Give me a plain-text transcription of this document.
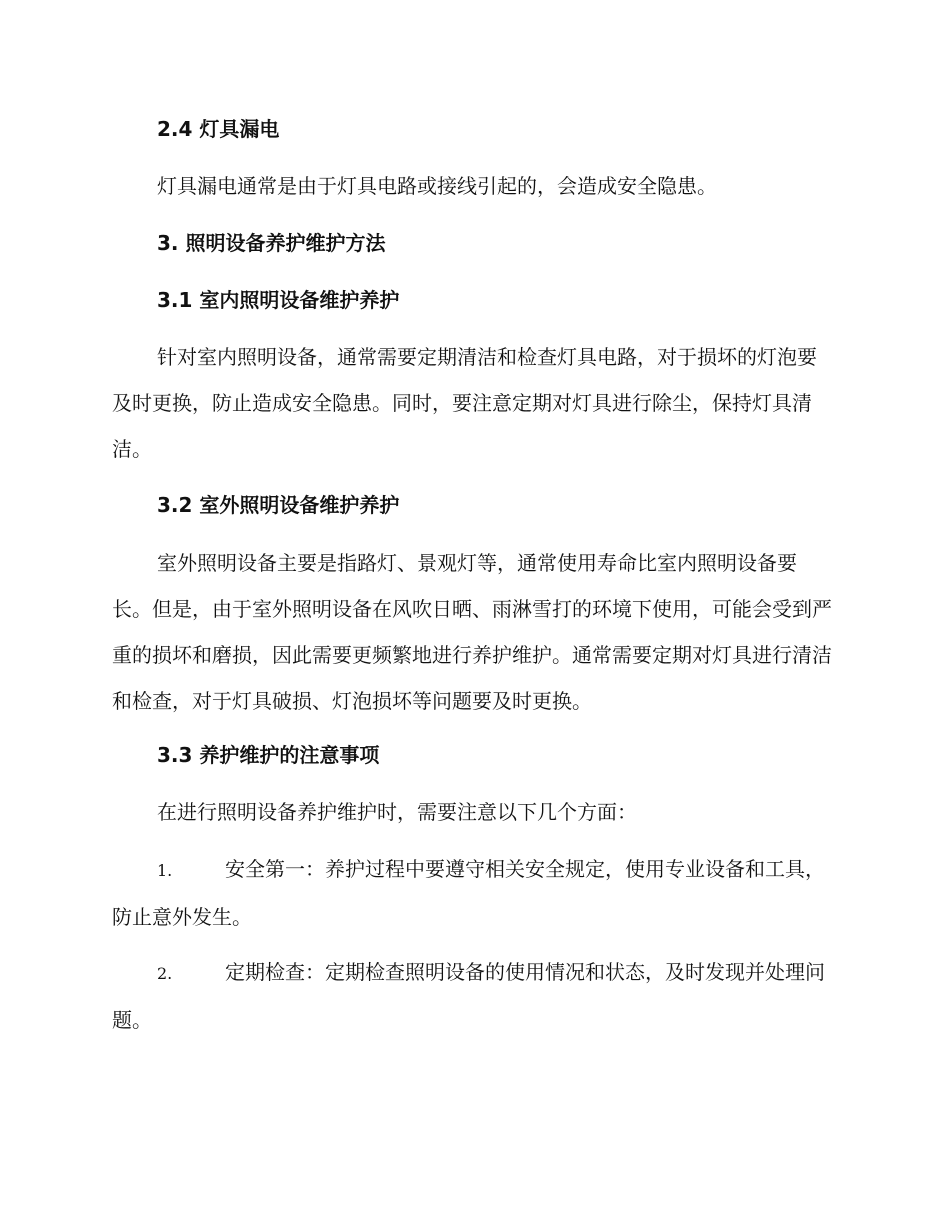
2.4 灯具漏电

灯具漏电通常是由于灯具电路或接线引起的，会造成安全隐患。

3. 照明设备养护维护方法
3.1 室内照明设备维护养护

针对室内照明设备，通常需要定期清洁和检查灯具电路，对于损坏的灯泡要及时更换，防止造成安全隐患。同时，要注意定期对灯具进行除尘，保持灯具清洁。

3.2 室外照明设备维护养护

室外照明设备主要是指路灯、景观灯等，通常使用寿命比室内照明设备要长。但是，由于室外照明设备在风吹日晒、雨淋雪打的环境下使用，可能会受到严重的损坏和磨损，因此需要更频繁地进行养护维护。通常需要定期对灯具进行清洁和检查，对于灯具破损、灯泡损坏等问题要及时更换。

3.3 养护维护的注意事项

在进行照明设备养护维护时，需要注意以下几个方面：

1.	安全第一：养护过程中要遵守相关安全规定，使用专业设备和工具，防止意外发生。

2.	定期检查：定期检查照明设备的使用情况和状态，及时发现并处理问题。
